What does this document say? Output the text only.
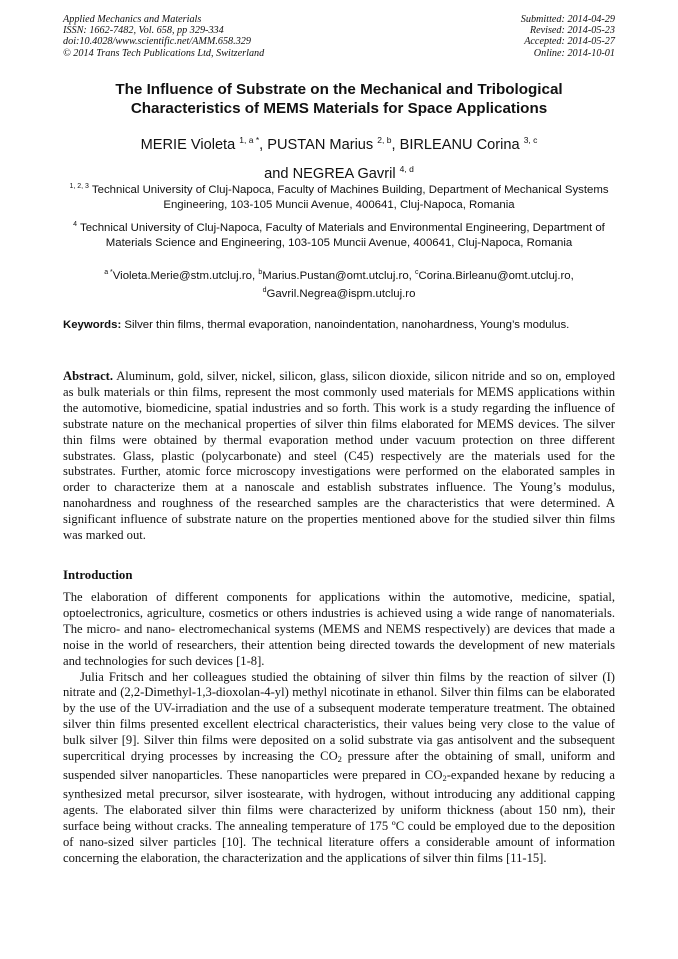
Applied Mechanics and Materials
ISSN: 1662-7482, Vol. 658, pp 329-334
doi:10.4028/www.scientific.net/AMM.658.329
© 2014 Trans Tech Publications Ltd, Switzerland
Submitted: 2014-04-29
Revised: 2014-05-23
Accepted: 2014-05-27
Online: 2014-10-01
The Influence of Substrate on the Mechanical and Tribological
Characteristics of MEMS Materials for Space Applications
MERIE Violeta $^{1, a *}$, PUSTAN Marius $^{2, b}$, BIRLEANU Corina $^{3, c}$
and NEGREA Gavril $^{4, d}$
$^{1, 2, 3}$ Technical University of Cluj-Napoca, Faculty of Machines Building, Department of Mechanical Systems Engineering, 103-105 Muncii Avenue, 400641, Cluj-Napoca, Romania
$^4$ Technical University of Cluj-Napoca, Faculty of Materials and Environmental Engineering, Department of Materials Science and Engineering, 103-105 Muncii Avenue, 400641, Cluj-Napoca, Romania
$^{a *}$Violeta.Merie@stm.utcluj.ro, $^b$Marius.Pustan@omt.utcluj.ro, $^c$Corina.Birleanu@omt.utcluj.ro,
$^d$Gavril.Negrea@ispm.utcluj.ro
Keywords: Silver thin films, thermal evaporation, nanoindentation, nanohardness, Young’s modulus.
Abstract. Aluminum, gold, silver, nickel, silicon, glass, silicon dioxide, silicon nitride and so on, employed as bulk materials or thin films, represent the most commonly used materials for MEMS applications within the automotive, biomedicine, spatial industries and so forth. This work is a study regarding the influence of substrate nature on the mechanical properties of silver thin films elaborated for MEMS devices. The silver thin films were obtained by thermal evaporation method under vacuum protection on three different substrates. Glass, plastic (polycarbonate) and steel (C45) respectively are the materials used for the substrates. Further, atomic force microscopy investigations were performed on the elaborated samples in order to characterize them at a nanoscale and establish substrates influence. The Young’s modulus, nanohardness and roughness of the researched samples are the characteristics that were determined. A significant influence of substrate nature on the properties mentioned above for the studied silver thin films was marked out.
Introduction

The elaboration of different components for applications within the automotive, medicine, spatial, optoelectronics, agriculture, cosmetics or others industries is achieved using a wide range of nanomaterials. The micro- and nano- electromechanical systems (MEMS and NEMS respectively) are devices that made a noise in the world of researchers, their attention being directed towards the development of new materials and technologies for such devices [1-8].

Julia Fritsch and her colleagues studied the obtaining of silver thin films by the reaction of silver (I) nitrate and (2,2-Dimethyl-1,3-dioxolan-4-yl) methyl nicotinate in ethanol. Silver thin films can be elaborated by the use of the UV-irradiation and the use of a subsequent moderate temperature treatment. The obtained silver thin films presented excellent electrical characteristics, their values being very close to the value of bulk silver [9]. Silver thin films were deposited on a solid substrate via gas antisolvent and the subsequent supercritical drying processes by increasing the $CO_2$ pressure after the obtaining of small, uniform and suspended silver nanoparticles. These nanoparticles were prepared in $CO_2$-expanded hexane by reducing a synthesized metal precursor, silver isostearate, with hydrogen, without introducing any additional capping agents. The elaborated silver thin films were characterized by uniform thickness (about 150 nm), their surface being without cracks. The annealing temperature of 175 ºC could be employed due to the deposition of nano-sized silver particles [10]. The technical literature offers a considerable amount of information concerning the elaboration, the characterization and the applications of silver thin films [11-15].
